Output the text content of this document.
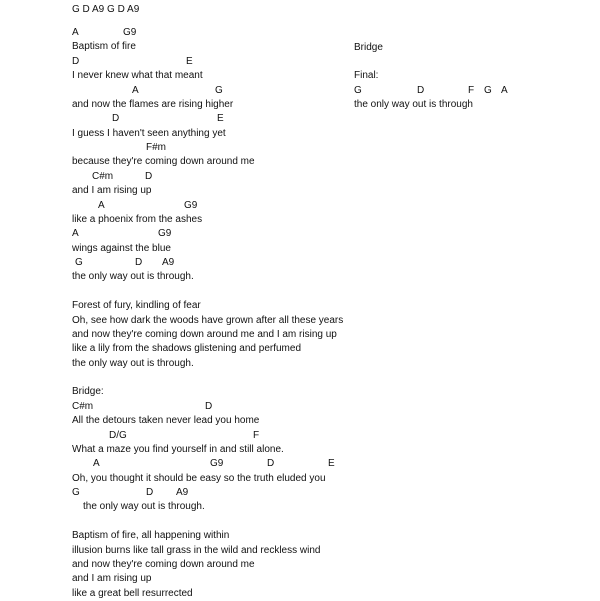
G D A9 G D A9
A	G9
Baptism of fire
D	E
I never knew what that meant
A	G
and now the flames are rising higher
D	E
I guess I haven't seen anything yet
F#m
because they're coming down around me
C#m	D
and I am rising up
A	G9
like a phoenix from the ashes
A	G9
wings against the blue
G	D A9
the only way out is through.
Forest of fury, kindling of fear
Oh, see how dark the woods have grown after all these years
and now they're coming down around me and I am rising up
like a lily from the shadows glistening and perfumed
the only way out is through.
Bridge:
C#m	D
All the detours taken never lead you home
D/G	F
What a maze you find yourself in and still alone.
A	G9	D	E
Oh, you thought it should be easy so the truth eluded you
G	D A9
the only way out is through.
Baptism of fire, all happening within
illusion burns like tall grass in the wild and reckless wind
and now they're coming down around me
and I am rising up
like a great bell resurrected
Bridge
Final:
G	D	F G A
the only way out is through
